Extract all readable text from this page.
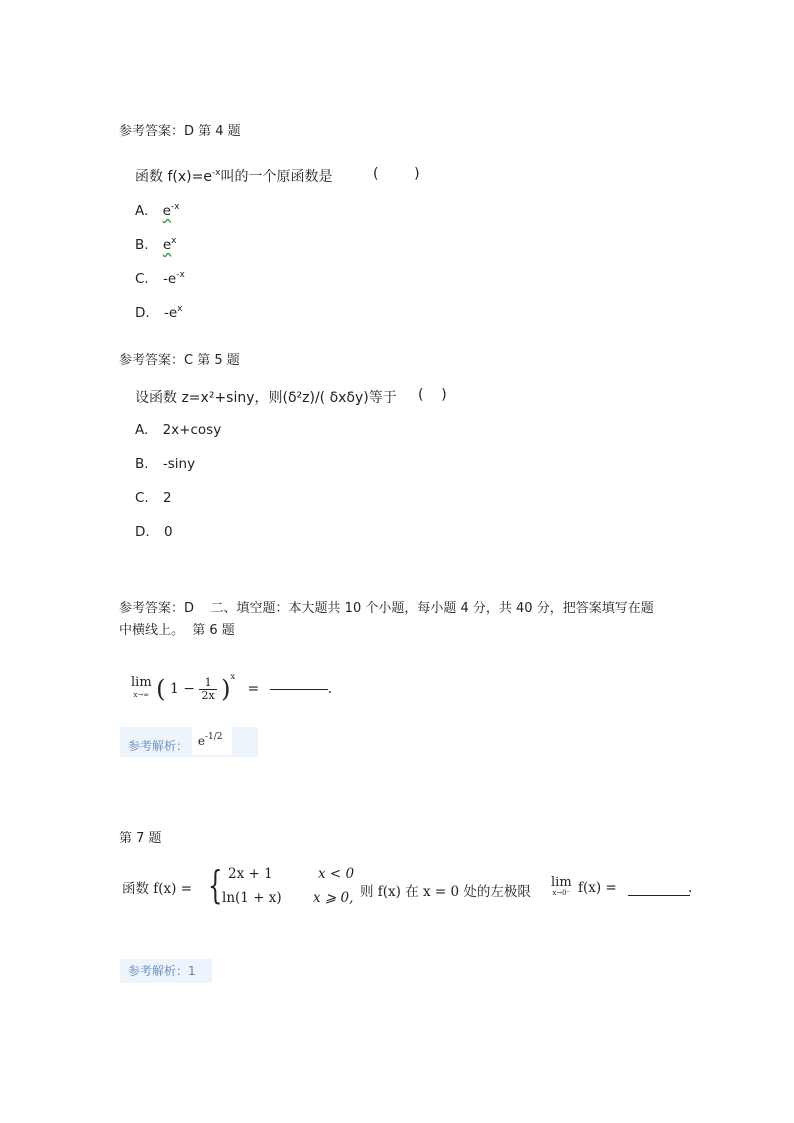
参考答案：D 第 4 题
函数 $f(x)=e^{-x}$叫的一个原函数是	(        )
A. $e^{-x}$
B. $e^x$
C. $-e^{-x}$
D. $-e^x$
参考答案：C 第 5 题
设函数 z=x²+siny，则(δ²z)/( δxδy)等于 (    )
A. 2x+cosy
B. -siny
C. 2
D. 0
参考答案：D    二、填空题：本大题共 10 个小题，每小题 4 分，共 40 分，把答案填写在题
中横线上。  第 6 题
lim
x→∞ ( $1 - \frac{1}{2x} )^x$ =	.
参考解析： $e^{-1/2}$
第 7 题
函数 f(x) = { 2x + 1	x < 0
ln(1 + x) x ⩾ 0, 则 f(x) 在 x = 0 处的左极限
lim
x→0⁻ f(x) =	.
参考解析：1
